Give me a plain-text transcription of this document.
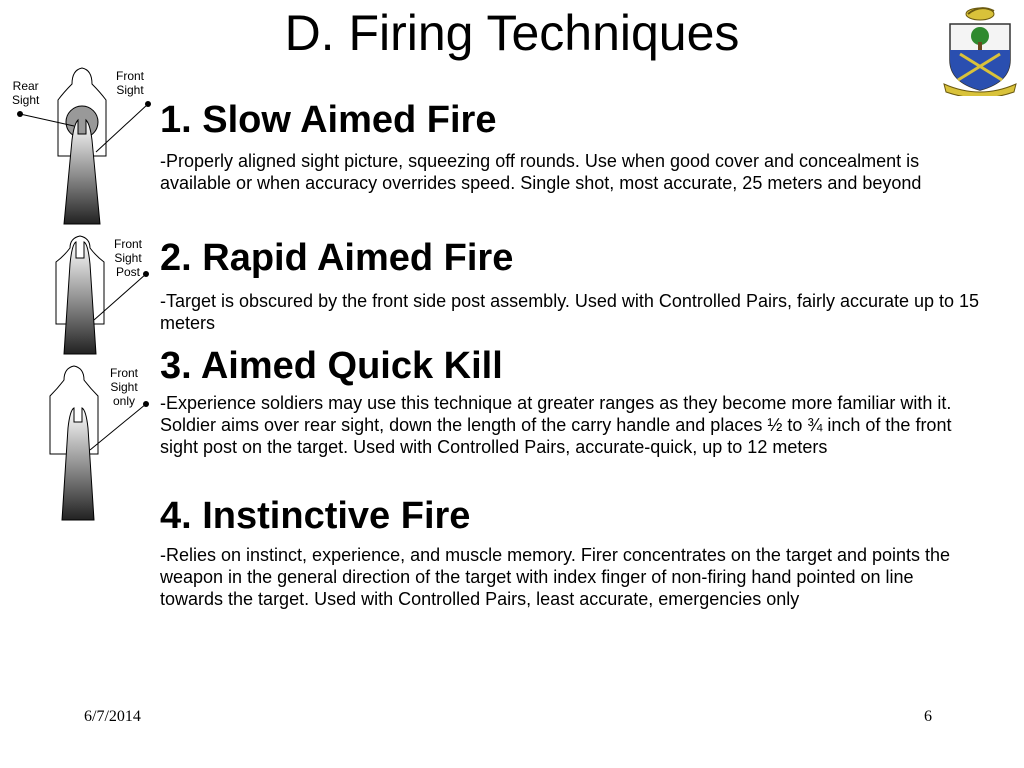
D. Firing Techniques
Rear
Sight
Front
Sight
Front
Sight
Post
Front
Sight
only
1. Slow Aimed Fire
-Properly aligned sight picture, squeezing off rounds. Use when good cover and concealment is available or when accuracy overrides speed. Single shot, most accurate, 25 meters and beyond
2. Rapid Aimed Fire
-Target is obscured by the front side post assembly. Used with Controlled Pairs, fairly accurate up to 15 meters
3. Aimed Quick Kill
-Experience soldiers may use this technique at greater ranges as they become more familiar with it. Soldier aims over rear sight, down the length of the carry handle and places ½ to ¾ inch of the front sight post on the target. Used with Controlled Pairs, accurate-quick, up to 12 meters
4. Instinctive Fire
-Relies on instinct, experience, and muscle memory. Firer concentrates on the target and points the weapon in the general direction of the target with index finger of non-firing hand pointed on line towards the target. Used with Controlled Pairs, least accurate, emergencies only
6/7/2014	6
